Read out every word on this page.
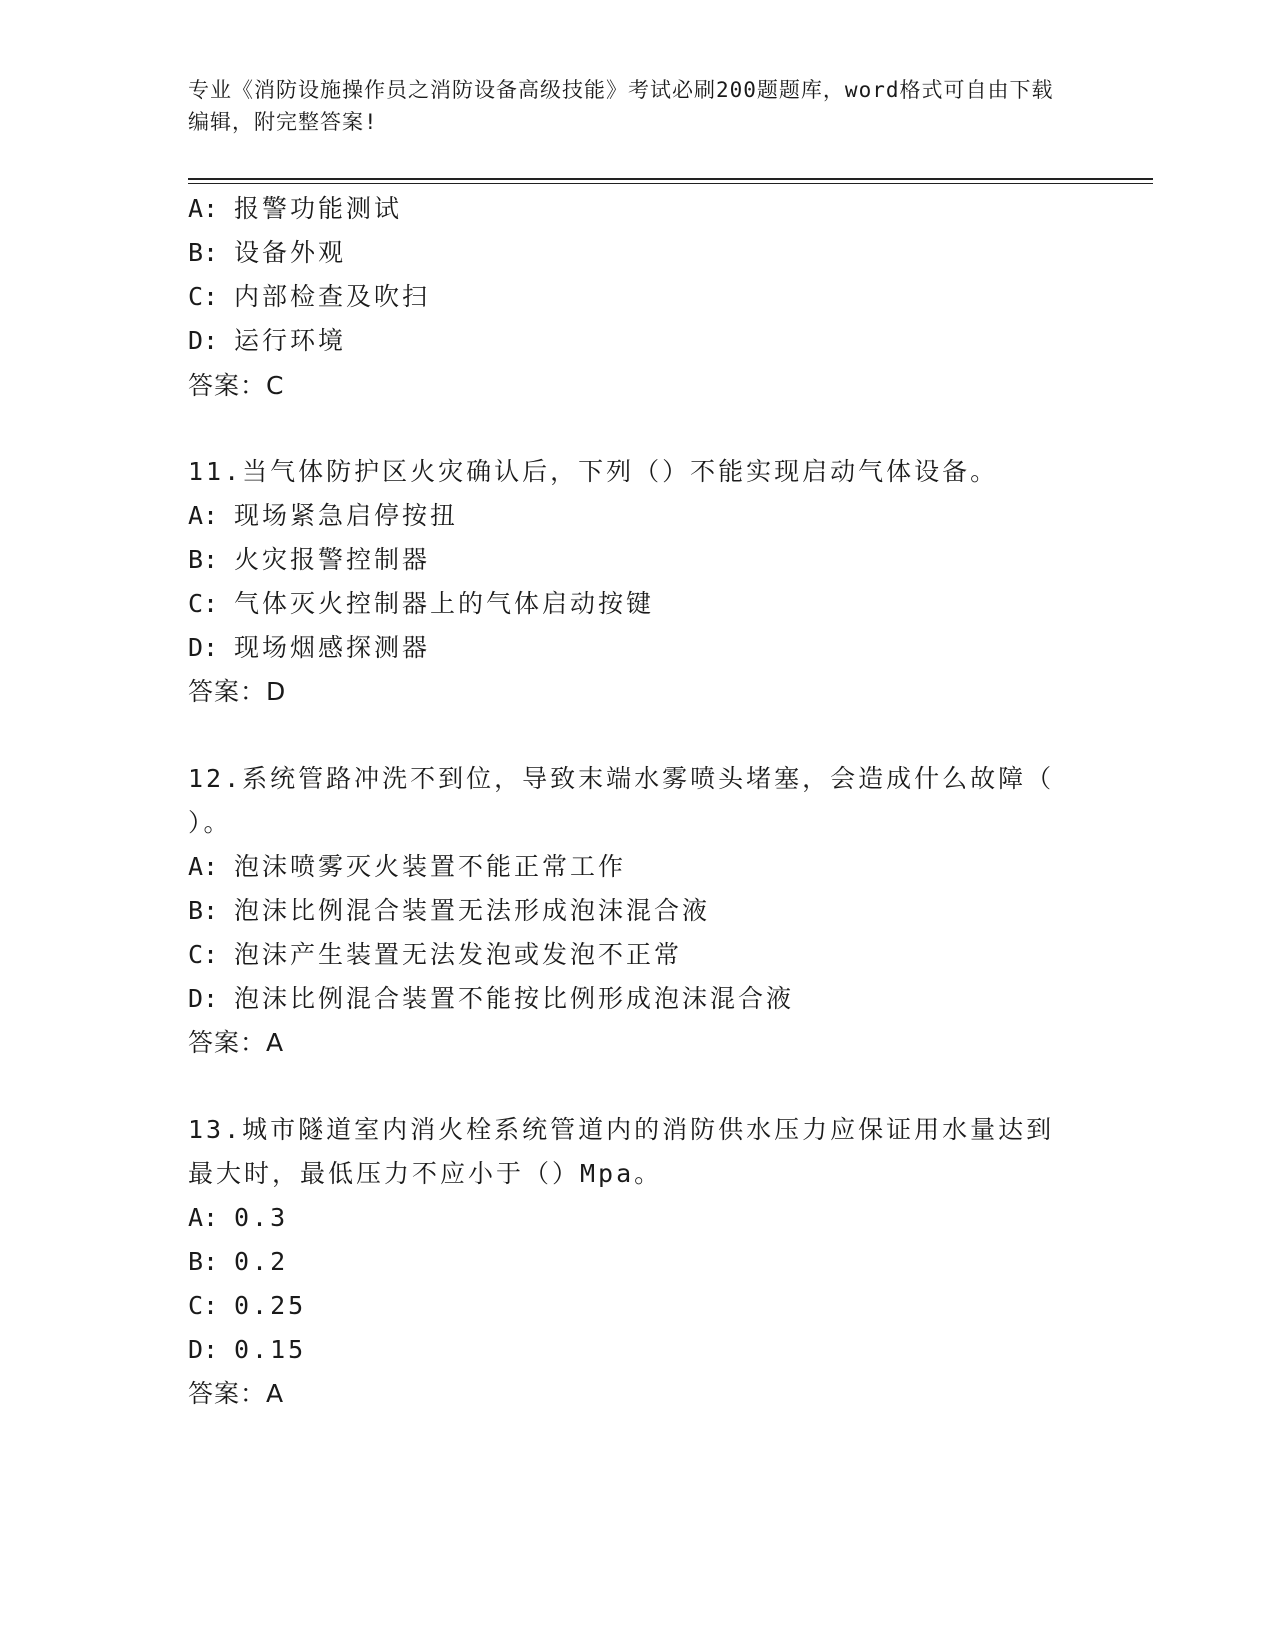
专业《消防设施操作员之消防设备高级技能》考试必刷200题题库，word格式可自由下载编辑，附完整答案!
A: 报警功能测试
B: 设备外观
C: 内部检查及吹扫
D: 运行环境
答案：C
11.当气体防护区火灾确认后，下列（）不能实现启动气体设备。
A: 现场紧急启停按扭
B: 火灾报警控制器
C: 气体灭火控制器上的气体启动按键
D: 现场烟感探测器
答案：D
12.系统管路冲洗不到位，导致末端水雾喷头堵塞，会造成什么故障（
）。
A: 泡沫喷雾灭火装置不能正常工作
B: 泡沫比例混合装置无法形成泡沫混合液
C: 泡沫产生装置无法发泡或发泡不正常
D: 泡沫比例混合装置不能按比例形成泡沫混合液
答案：A
13.城市隧道室内消火栓系统管道内的消防供水压力应保证用水量达到
最大时，最低压力不应小于（）Mpa。
A: 0.3
B: 0.2
C: 0.25
D: 0.15
答案：A
